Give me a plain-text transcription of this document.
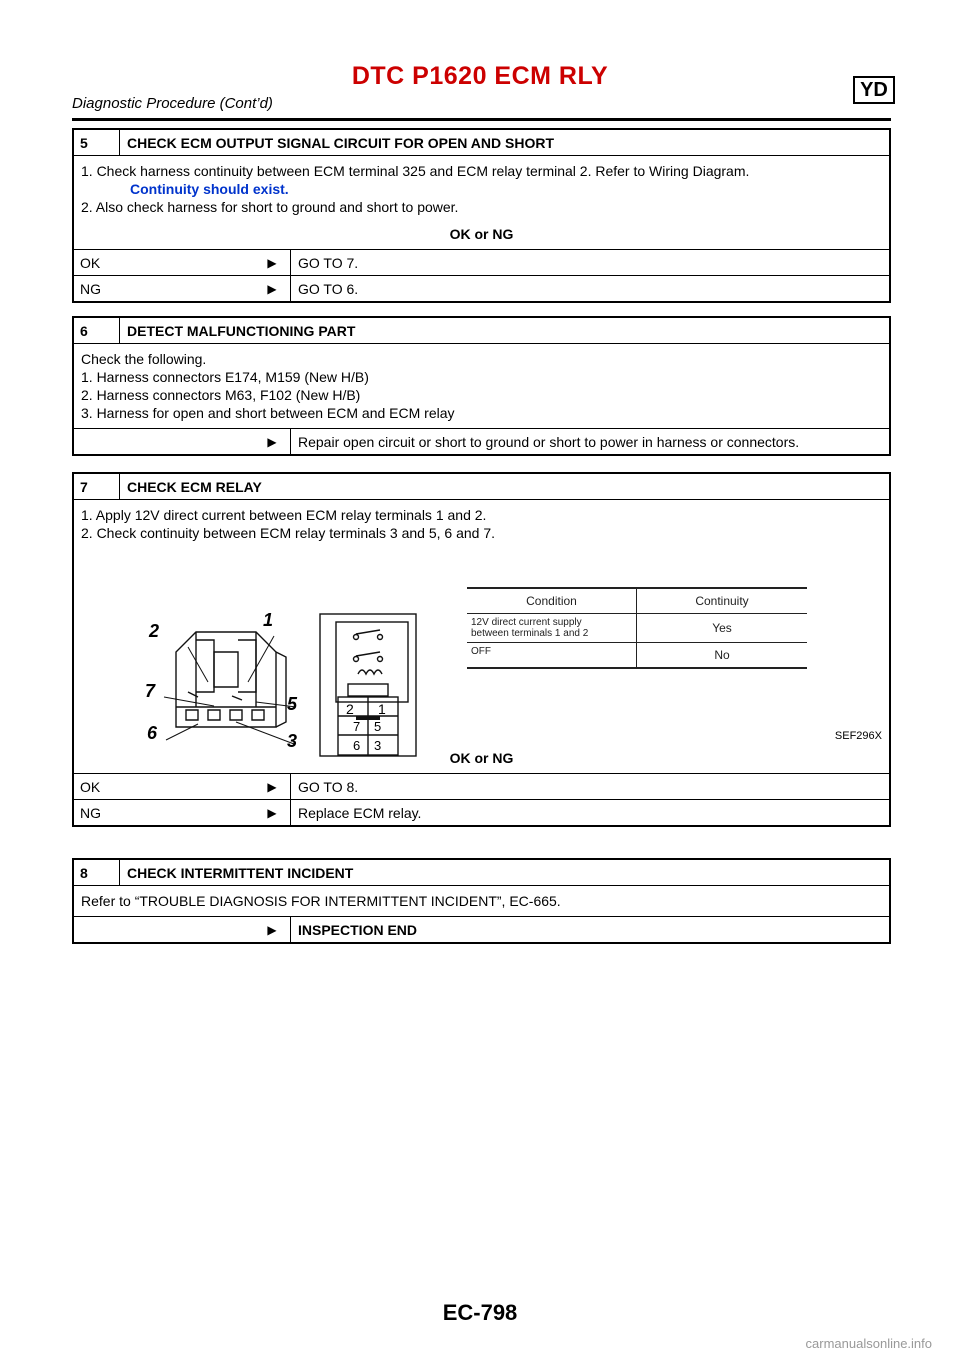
DTC P1620 ECM RLY	YD
Diagnostic Procedure (Cont’d)
5	CHECK ECM OUTPUT SIGNAL CIRCUIT FOR OPEN AND SHORT
1. Check harness continuity between ECM terminal 325 and ECM relay terminal 2. Refer to Wiring Diagram.
Continuity should exist.
2. Also check harness for short to ground and short to power.
OK or NG
OK	▶	GO TO 7.
NG	▶	GO TO 6.
6	DETECT MALFUNCTIONING PART
Check the following.
1. Harness connectors E174, M159 (New H/B)
2. Harness connectors M63, F102 (New H/B)
3. Harness for open and short between ECM and ECM relay
▶	Repair open circuit or short to ground or short to power in harness or connectors.
7	CHECK ECM RELAY
1. Apply 12V direct current between ECM relay terminals 1 and 2.
2. Check continuity between ECM relay terminals 3 and 5, 6 and 7.
1
2
7
5
6	3
2 1
7 5
6 3
Condition	Continuity
12V direct current supply
between terminals 1 and 2	Yes
OFF	No
SEF296X
OK or NG
OK	▶	GO TO 8.
NG	▶	Replace ECM relay.
8	CHECK INTERMITTENT INCIDENT
Refer to “TROUBLE DIAGNOSIS FOR INTERMITTENT INCIDENT”, EC-665.
▶	INSPECTION END
EC-798
carmanualsonline.info
